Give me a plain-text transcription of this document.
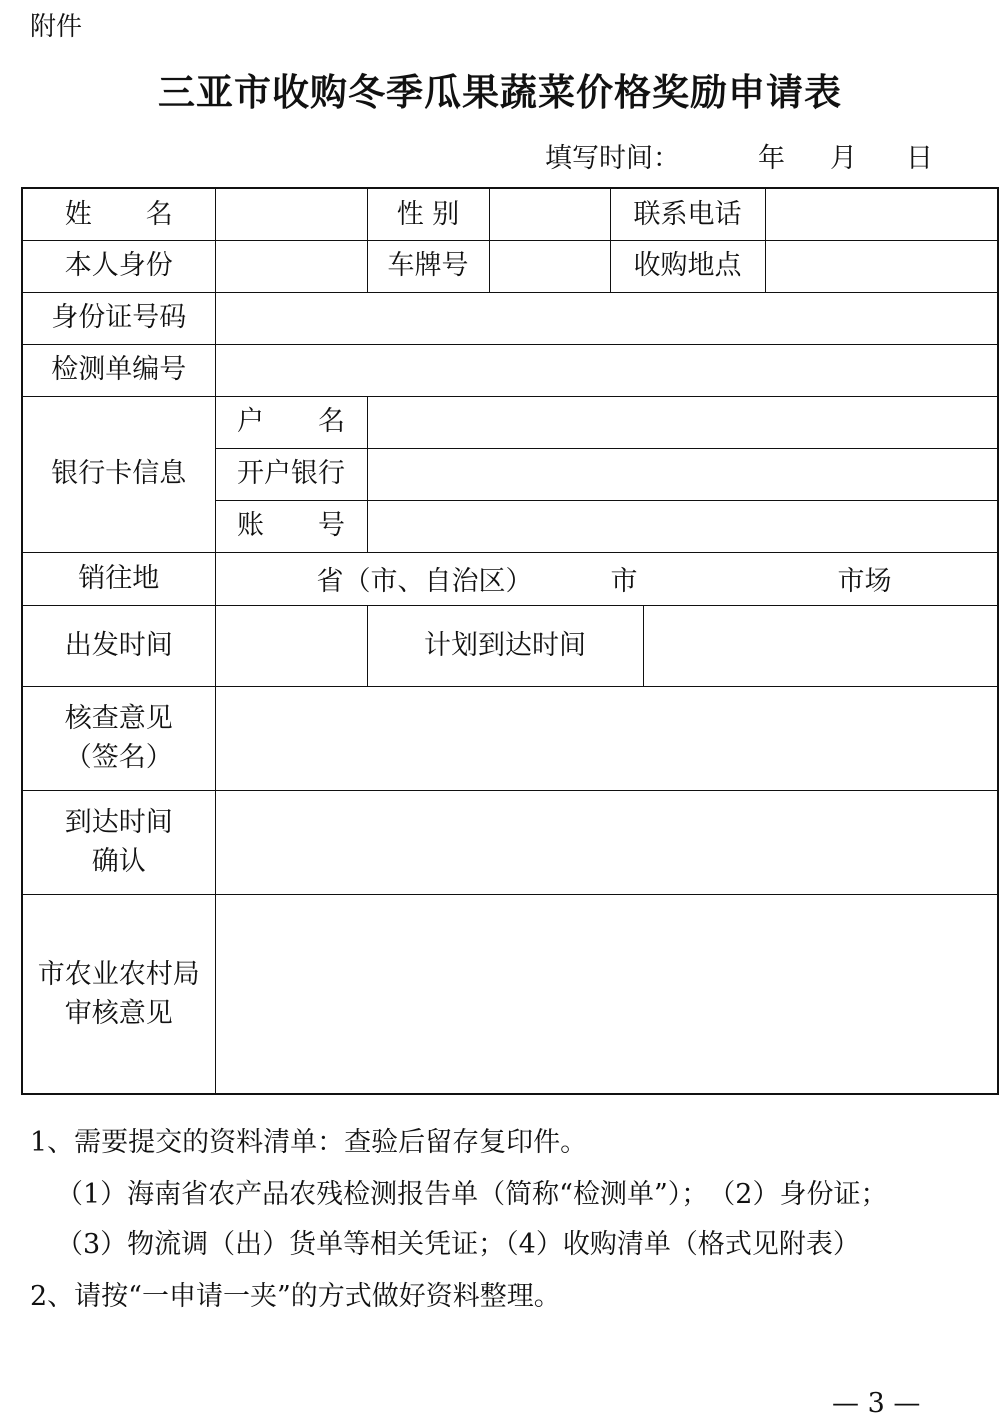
附件
三亚市收购冬季瓜果蔬菜价格奖励申请表
填写时间：	年 月 日
姓　　名		性 别		联系电话		
本人身份		车牌号		收购地点		
身份证号码						
检测单编号						
银行卡信息	户　　名					
	开户银行					
	账　　号					
销往地	省（市、自治区） 市 市场					

出发时间		计划到达时间				

核查意见
（签名）						

到达时间
确认						

市农业农村局
审核意见						

1、需要提交的资料清单：查验后留存复印件。
（1）海南省农产品农残检测报告单（简称“检测单”）；　（2）身份证；
（3）物流调（出）货单等相关凭证；（4）收购清单（格式见附表）
2、请按“一申请一夹”的方式做好资料整理。
— 3 —
